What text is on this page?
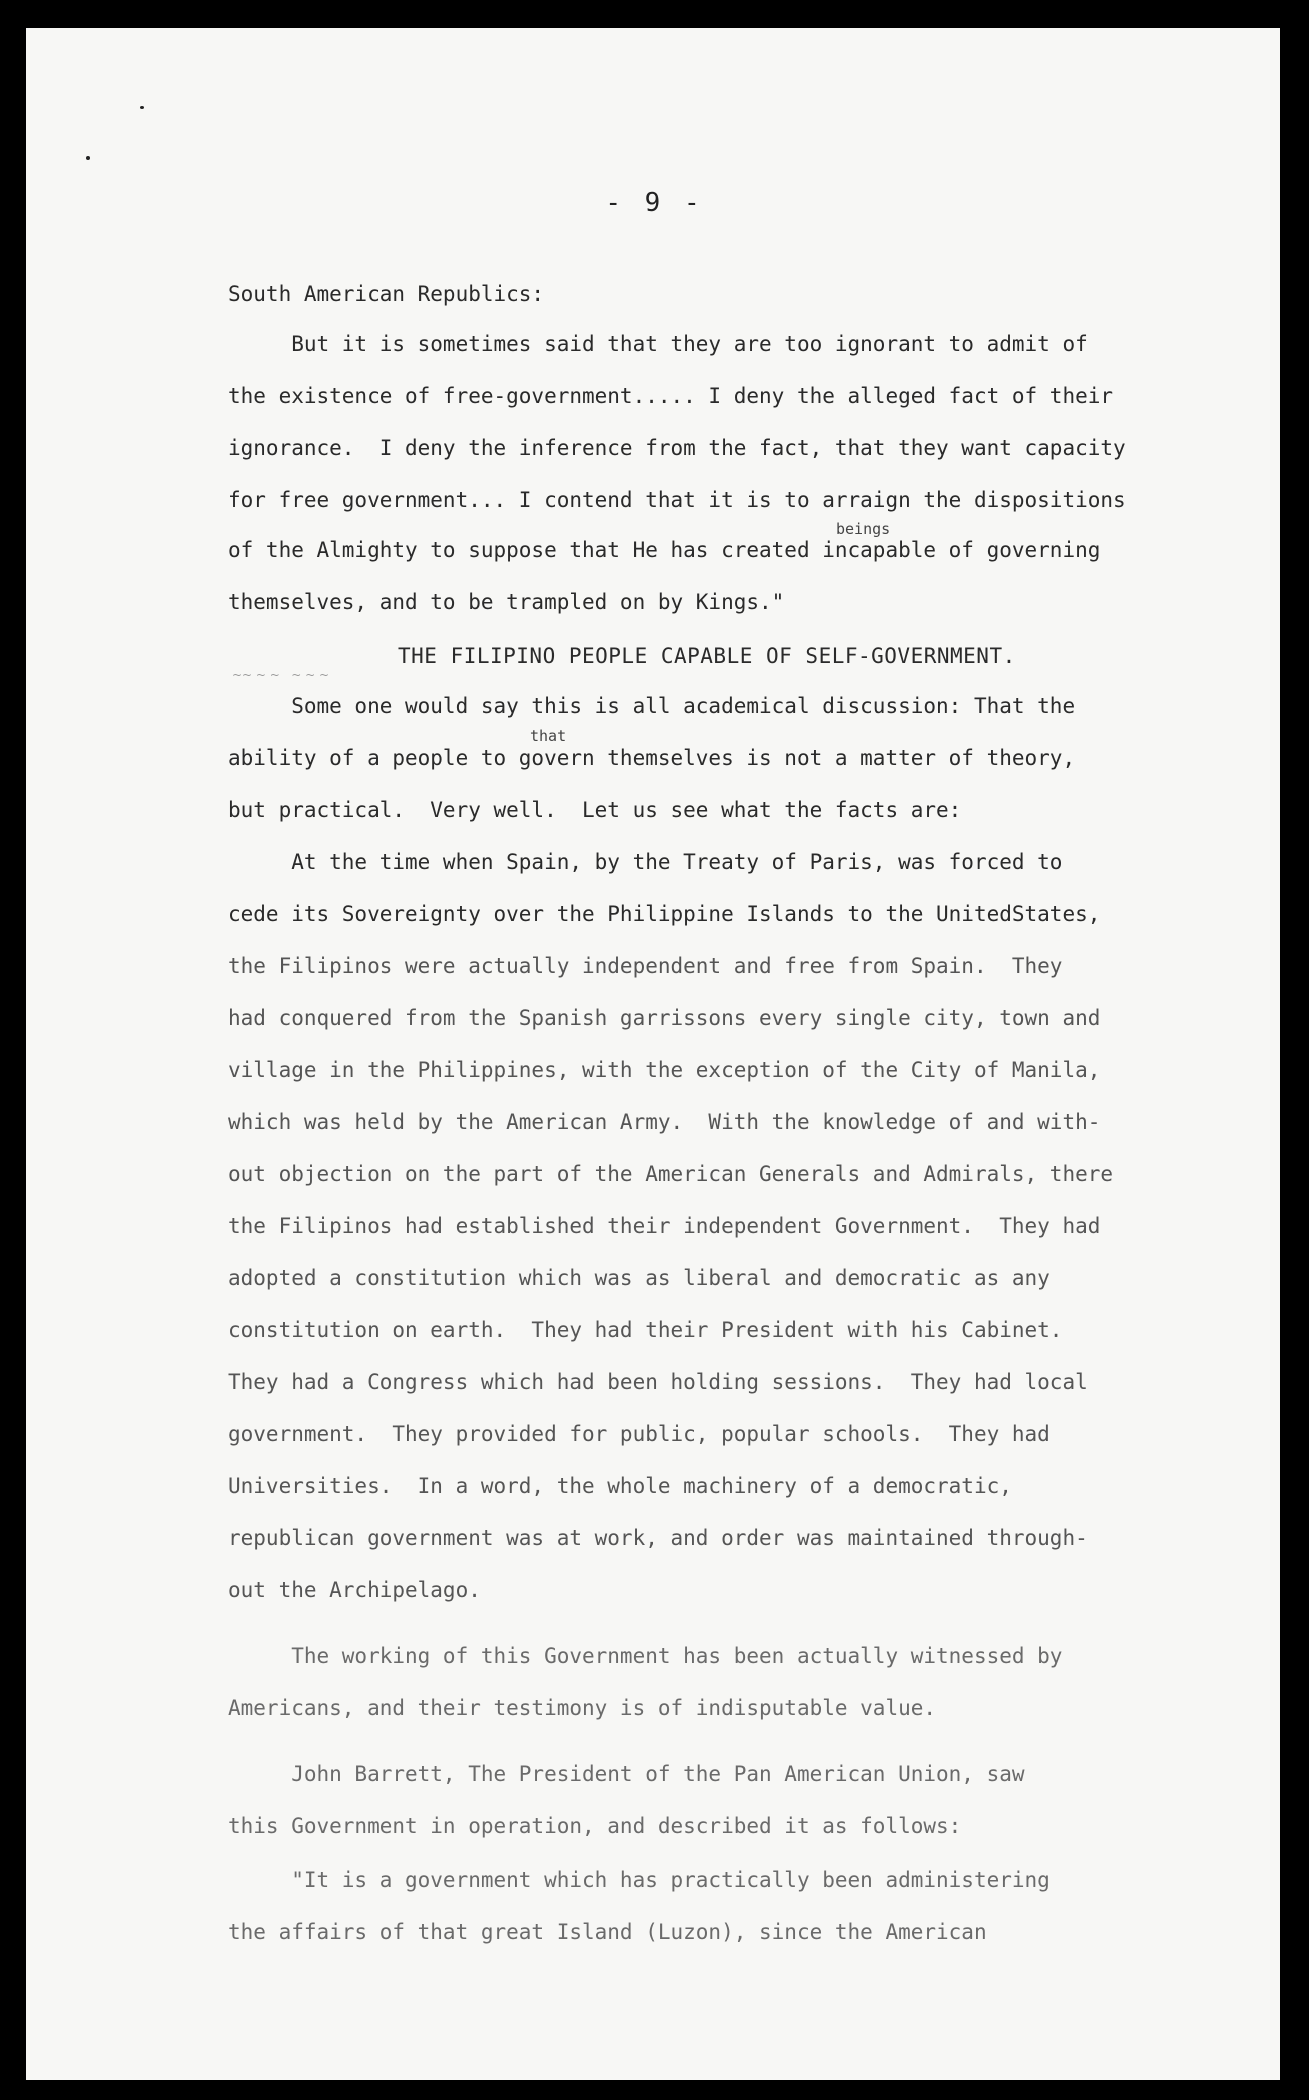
- 9 -
South American Republics:
But it is sometimes said that they are too ignorant to admit of
the existence of free-government..... I deny the alleged fact of their
ignorance.  I deny the inference from the fact, that they want capacity
for free government... I contend that it is to arraign the dispositions
beings
of the Almighty to suppose that He has created incapable of governing
themselves, and to be trampled on by Kings."
THE FILIPINO PEOPLE CAPABLE OF SELF-GOVERNMENT.
~~ ~ ~   ~ ~ ~
Some one would say this is all academical discussion: That the
that
ability of a people to govern themselves is not a matter of theory,
but practical.  Very well.  Let us see what the facts are:
At the time when Spain, by the Treaty of Paris, was forced to
cede its Sovereignty over the Philippine Islands to the UnitedStates,
the Filipinos were actually independent and free from Spain.  They
had conquered from the Spanish garrissons every single city, town and
village in the Philippines, with the exception of the City of Manila,
which was held by the American Army.  With the knowledge of and with-
out objection on the part of the American Generals and Admirals, there
the Filipinos had established their independent Government.  They had
adopted a constitution which was as liberal and democratic as any
constitution on earth.  They had their President with his Cabinet.
They had a Congress which had been holding sessions.  They had local
government.  They provided for public, popular schools.  They had
Universities.  In a word, the whole machinery of a democratic,
republican government was at work, and order was maintained through-
out the Archipelago.
The working of this Government has been actually witnessed by
Americans, and their testimony is of indisputable value.
John Barrett, The President of the Pan American Union, saw
this Government in operation, and described it as follows:
"It is a government which has practically been administering
the affairs of that great Island (Luzon), since the American
